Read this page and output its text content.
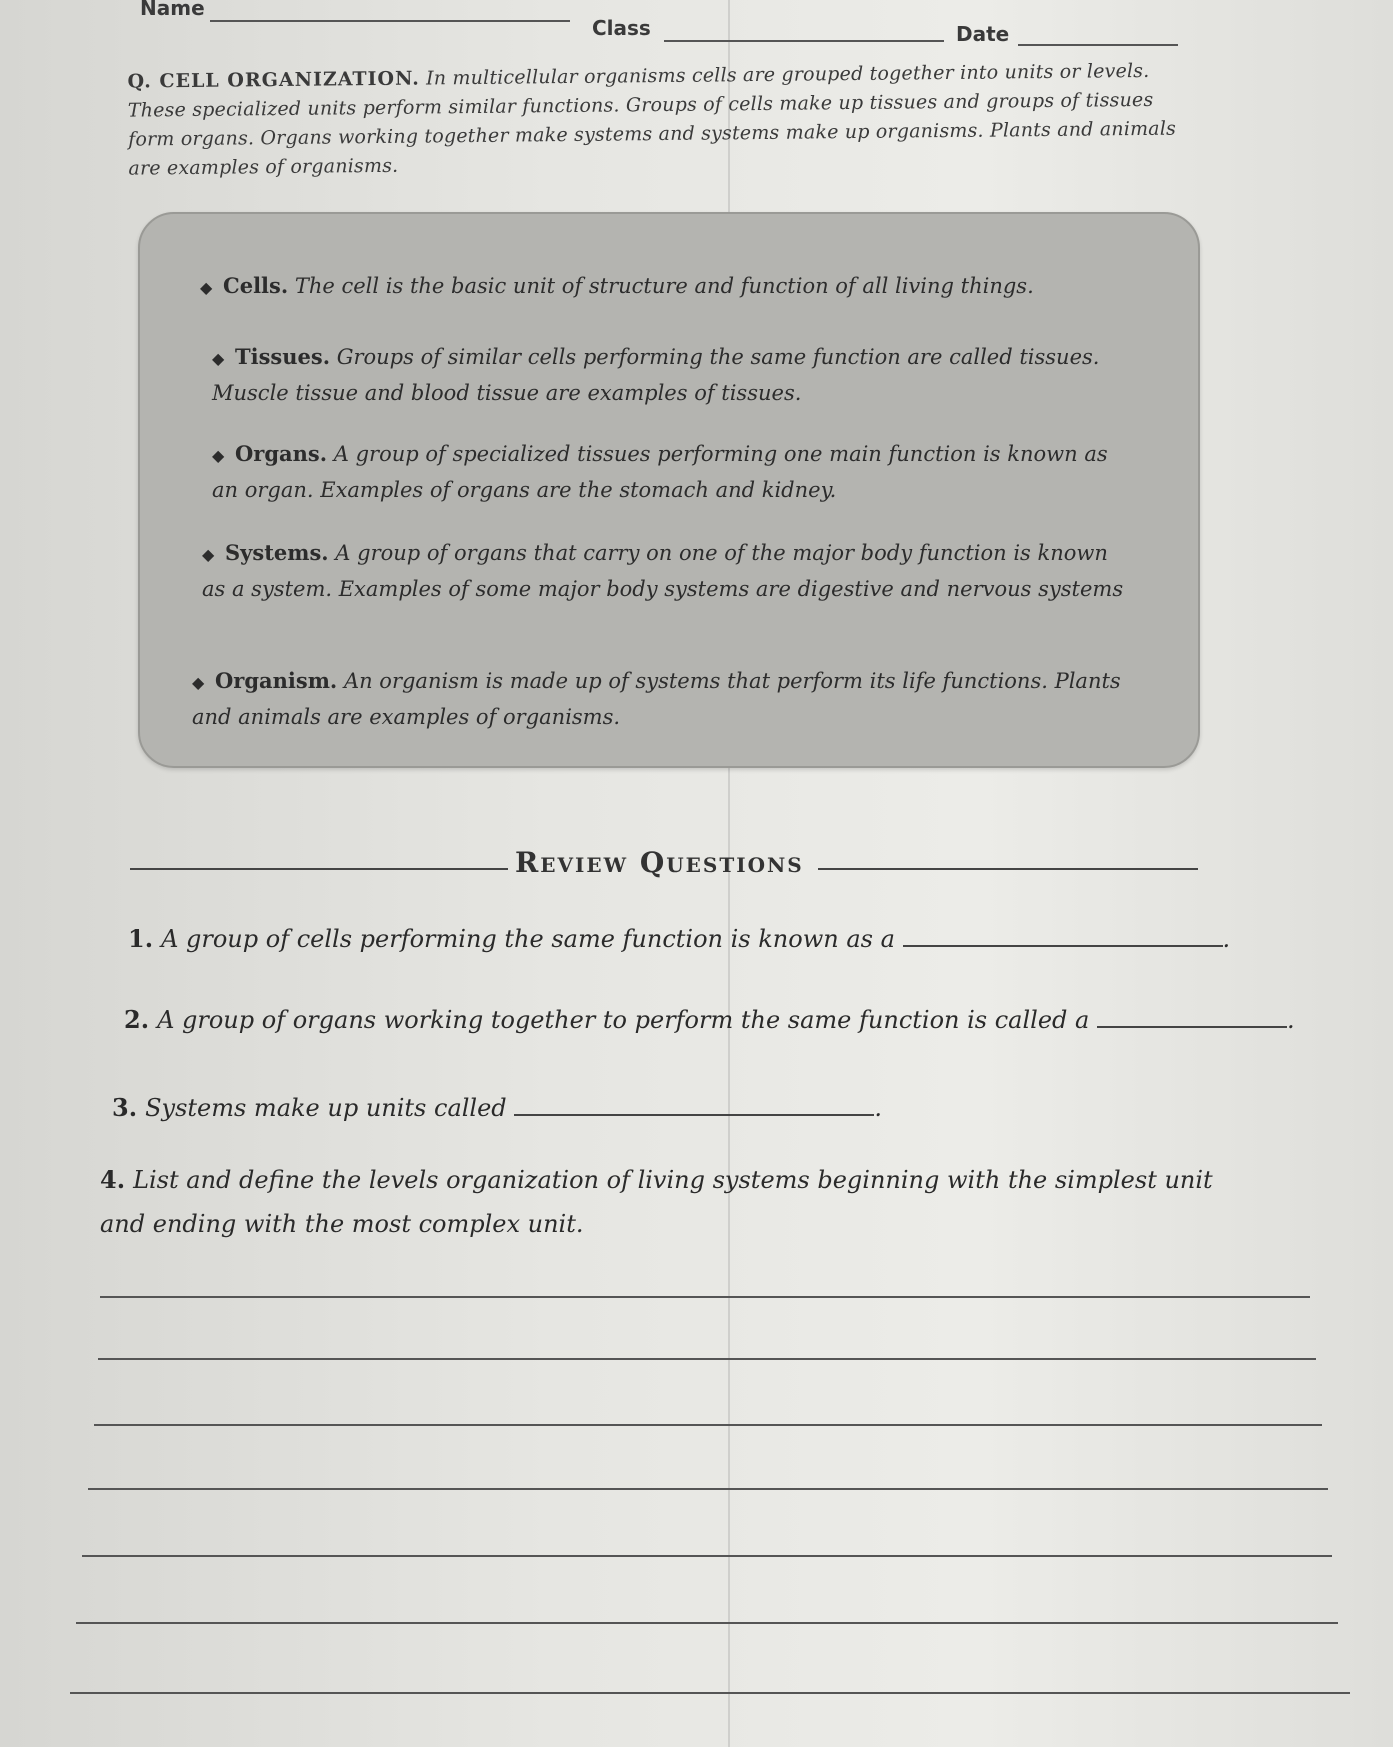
Name
Class	Date
Q. CELL ORGANIZATION. In multicellular organisms cells are grouped together into units or levels. These specialized units perform similar functions. Groups of cells make up tissues and groups of tissues form organs. Organs working together make systems and systems make up organisms. Plants and animals are examples of organisms.
◆ Cells. The cell is the basic unit of structure and function of all living things.
◆ Tissues. Groups of similar cells performing the same function are called tissues. Muscle tissue and blood tissue are examples of tissues.
◆ Organs. A group of specialized tissues performing one main function is known as an organ. Examples of organs are the stomach and kidney.
◆ Systems. A group of organs that carry on one of the major body function is known as a system. Examples of some major body systems are digestive and nervous systems
◆ Organism. An organism is made up of systems that perform its life functions. Plants and animals are examples of organisms.
Review Questions
1. A group of cells performing the same function is known as a	.
2. A group of organs working together to perform the same function is called a	.
3. Systems make up units called	.
4. List and define the levels organization of living systems beginning with the simplest unit and ending with the most complex unit.
